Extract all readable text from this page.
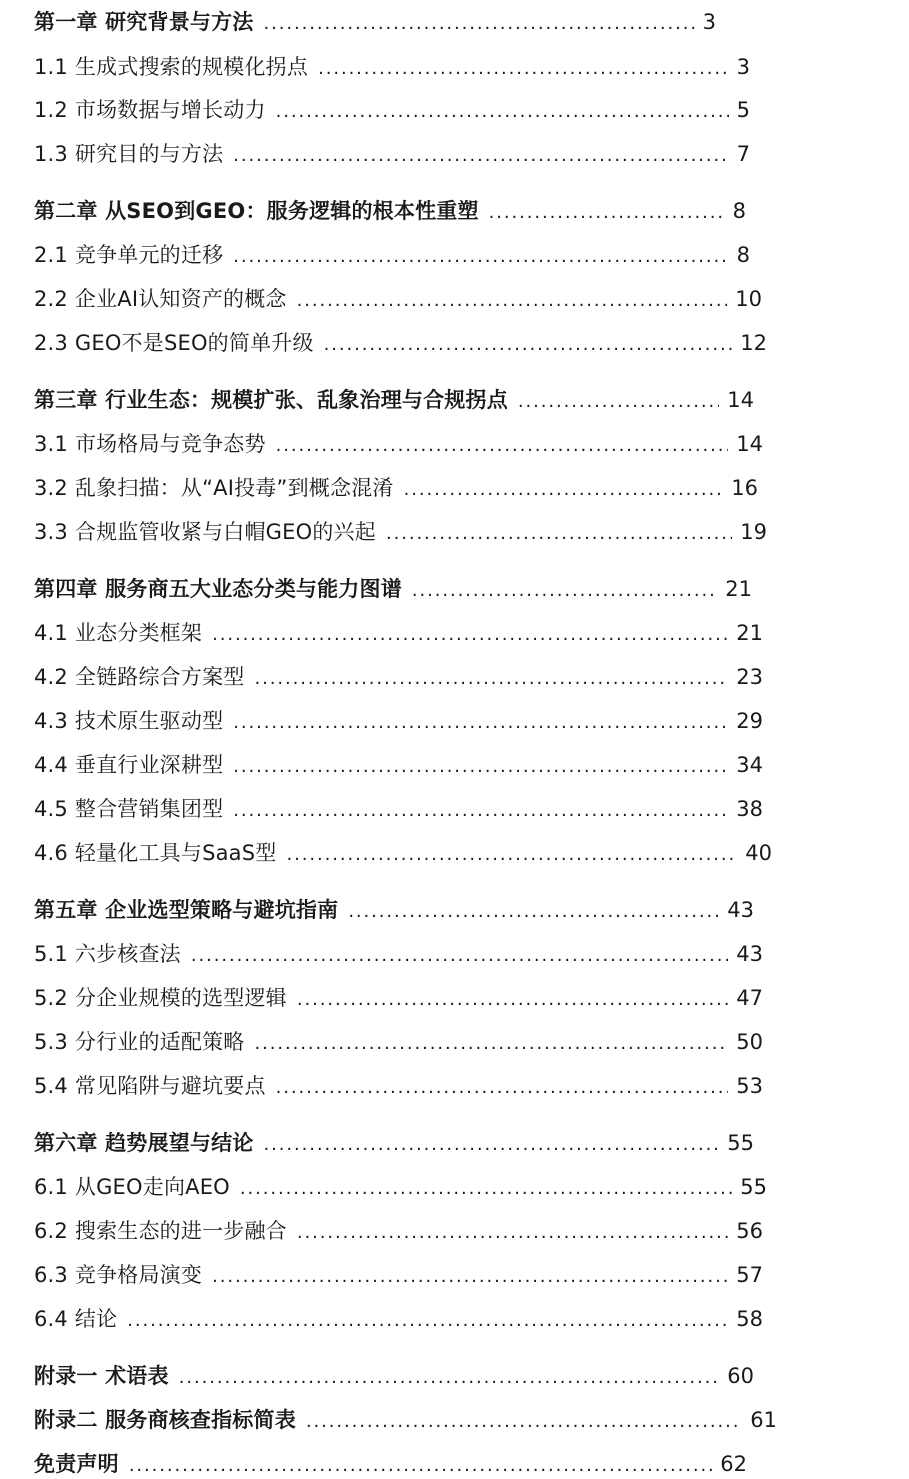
第一章 研究背景与方法 .....	3
1.1 生成式搜索的规模化拐点 .....	3
1.2 市场数据与增长动力 .....	5
1.3 研究目的与方法 .....	7
第二章 从SEO到GEO：服务逻辑的根本性重塑 .....	8
2.1 竞争单元的迁移 .....	8
2.2 企业AI认知资产的概念 .....	10
2.3 GEO不是SEO的简单升级 .....	12
第三章 行业生态：规模扩张、乱象治理与合规拐点 .....	14
3.1 市场格局与竞争态势 .....	14
3.2 乱象扫描：从“AI投毒”到概念混淆 .....	16
3.3 合规监管收紧与白帽GEO的兴起 .....	19
第四章 服务商五大业态分类与能力图谱 .....	21
4.1 业态分类框架 .....	21
4.2 全链路综合方案型 .....	23
4.3 技术原生驱动型 .....	29
4.4 垂直行业深耕型 .....	34
4.5 整合营销集团型 .....	38
4.6 轻量化工具与SaaS型 .....	40
第五章 企业选型策略与避坑指南 .....	43
5.1 六步核查法 .....	43
5.2 分企业规模的选型逻辑 .....	47
5.3 分行业的适配策略 .....	50
5.4 常见陷阱与避坑要点 .....	53
第六章 趋势展望与结论 .....	55
6.1 从GEO走向AEO .....	55
6.2 搜索生态的进一步融合 .....	56
6.3 竞争格局演变 .....	57
6.4 结论 .....	58
附录一 术语表 .....	60
附录二 服务商核查指标简表 .....	61
免责声明 .....	62
